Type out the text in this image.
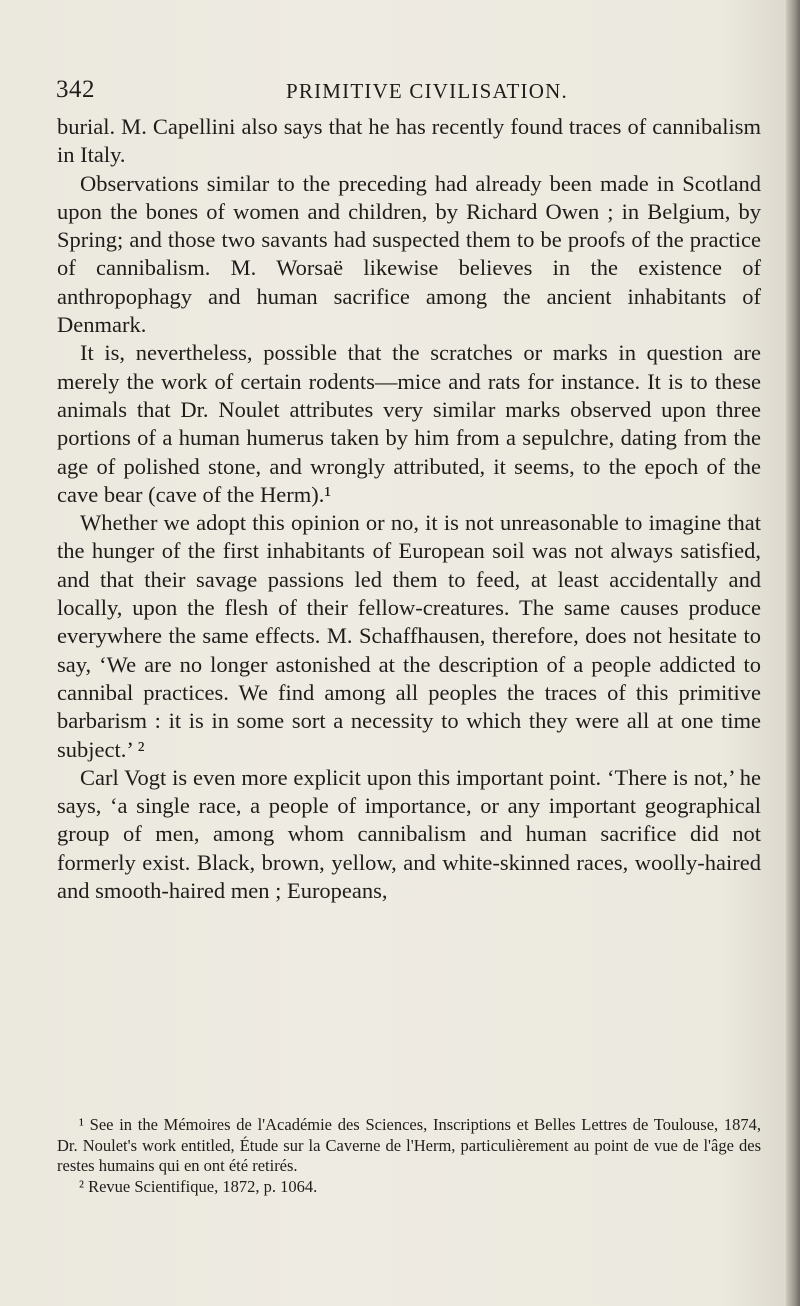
342	PRIMITIVE CIVILISATION.

burial. M. Capellini also says that he has recently found traces of cannibalism in Italy.

Observations similar to the preceding had already been made in Scotland upon the bones of women and children, by Richard Owen ; in Belgium, by Spring; and those two savants had suspected them to be proofs of the practice of cannibalism. M. Worsaë likewise believes in the existence of anthropophagy and human sacrifice among the ancient inhabitants of Denmark.

It is, nevertheless, possible that the scratches or marks in question are merely the work of certain rodents—mice and rats for instance. It is to these animals that Dr. Noulet attributes very similar marks observed upon three portions of a human humerus taken by him from a sepulchre, dating from the age of polished stone, and wrongly attributed, it seems, to the epoch of the cave bear (cave of the Herm).¹

Whether we adopt this opinion or no, it is not unreasonable to imagine that the hunger of the first inhabitants of European soil was not always satisfied, and that their savage passions led them to feed, at least accidentally and locally, upon the flesh of their fellow-creatures. The same causes produce everywhere the same effects. M. Schaffhausen, therefore, does not hesitate to say, ‘We are no longer astonished at the description of a people addicted to cannibal practices. We find among all peoples the traces of this primitive barbarism : it is in some sort a necessity to which they were all at one time subject.’ ²

Carl Vogt is even more explicit upon this important point. ‘There is not,’ he says, ‘a single race, a people of importance, or any important geographical group of men, among whom cannibalism and human sacrifice did not formerly exist. Black, brown, yellow, and white-skinned races, woolly-haired and smooth-haired men ; Europeans,

¹ See in the Mémoires de l'Académie des Sciences, Inscriptions et Belles Lettres de Toulouse, 1874, Dr. Noulet's work entitled, Étude sur la Caverne de l'Herm, particulièrement au point de vue de l'âge des restes humains qui en ont été retirés.

² Revue Scientifique, 1872, p. 1064.
